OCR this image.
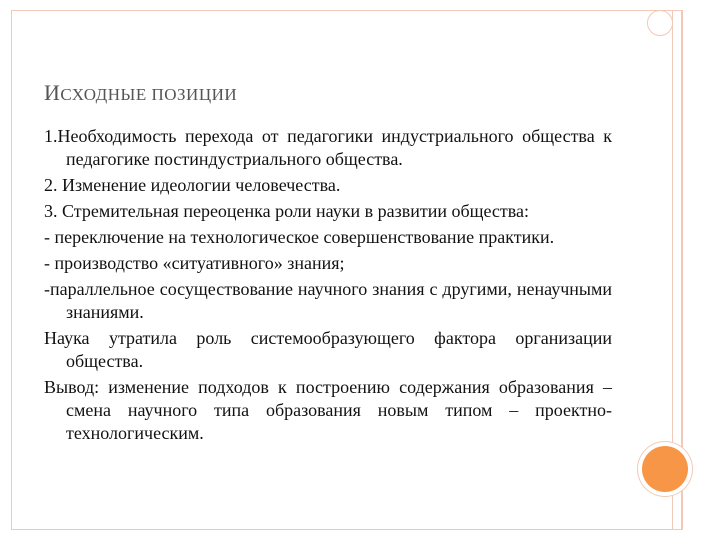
ИСХОДНЫЕ ПОЗИЦИИ

1.Необходимость перехода от педагогики индустриального общества к педагогике постиндустриального общества.

2. Изменение идеологии человечества.

3. Стремительная переоценка роли науки в развитии общества:

- переключение на технологическое совершенствование практики.

- производство «ситуативного» знания;

-параллельное сосуществование научного знания с другими, ненаучными знаниями.

Наука утратила роль системообразующего фактора организации общества.

Вывод: изменение подходов к построению содержания образования – смена научного типа образования новым типом – проектно-технологическим.
